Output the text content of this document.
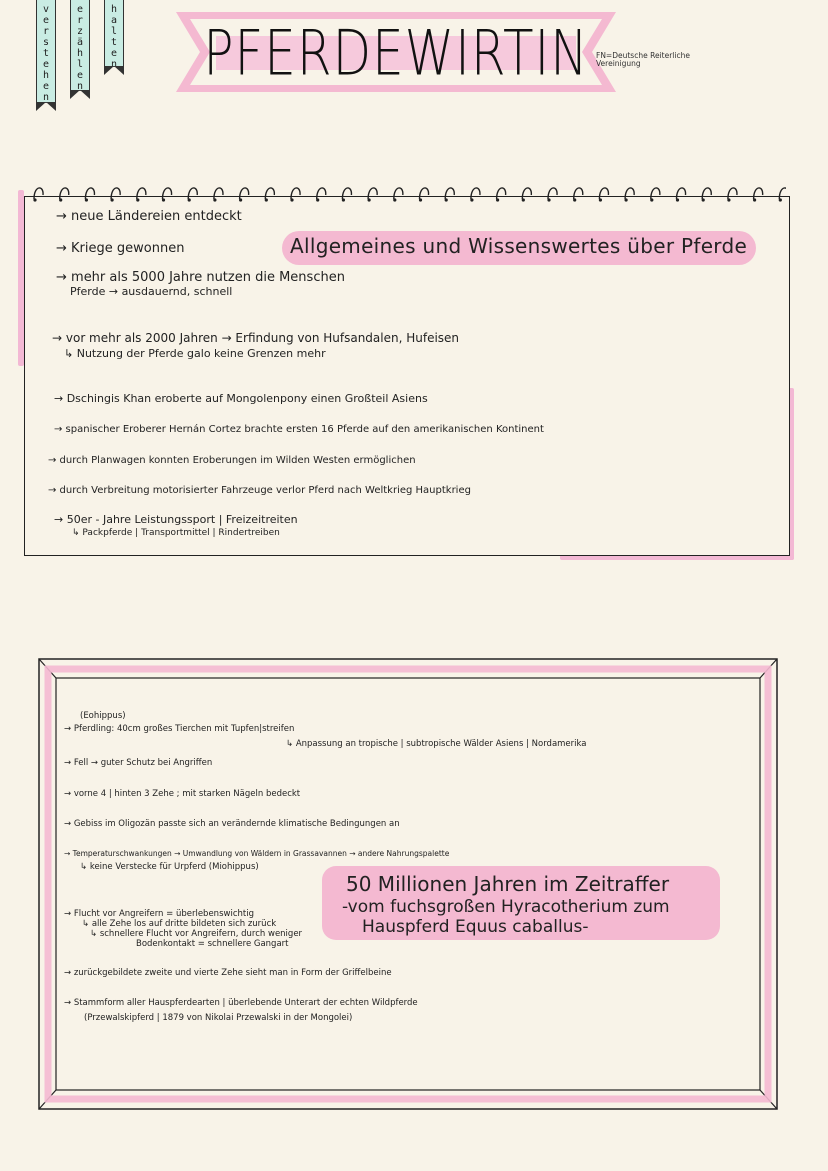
v
e
r
s
t
e
h
e
n
e
r
z
ä
h
l
e
n
h
a
l
t
e
n	PFERDEWIRTIN FN=Deutsche Reiterliche Vereinigung
Allgemeines und Wissenswertes über Pferde
→ neue Ländereien entdeckt
→ Kriege gewonnen
→ mehr als 5000 Jahre nutzen die Menschen
Pferde → ausdauernd, schnell
→ vor mehr als 2000 Jahren → Erfindung von Hufsandalen, Hufeisen
↳ Nutzung der Pferde galo keine Grenzen mehr
→ Dschingis Khan eroberte auf Mongolenpony einen Großteil Asiens
→ spanischer Eroberer Hernán Cortez brachte ersten 16 Pferde auf den amerikanischen Kontinent
→ durch Planwagen konnten Eroberungen im Wilden Westen ermöglichen
→ durch Verbreitung motorisierter Fahrzeuge verlor Pferd nach Weltkrieg Hauptkrieg
→ 50er - Jahre Leistungssport | Freizeitreiten
↳ Packpferde | Transportmittel | Rindertreiben
50 Millionen Jahren im Zeitraffer
-vom fuchsgroßen Hyracotherium zum
Hauspferd Equus caballus-
(Eohippus)
→ Pferdling: 40cm großes Tierchen mit Tupfen|streifen
↳ Anpassung an tropische | subtropische Wälder Asiens | Nordamerika
→ Fell → guter Schutz bei Angriffen
→ vorne 4 | hinten 3 Zehe ; mit starken Nägeln bedeckt
→ Gebiss im Oligozän passte sich an verändernde klimatische Bedingungen an
→ Temperaturschwankungen → Umwandlung von Wäldern in Grassavannen → andere Nahrungspalette
↳ keine Verstecke für Urpferd (Miohippus)
→ Flucht vor Angreifern = überlebenswichtig
↳ alle Zehe los auf dritte bildeten sich zurück
↳ schnellere Flucht vor Angreifern, durch weniger
Bodenkontakt = schnellere Gangart
→ zurückgebildete zweite und vierte Zehe sieht man in Form der Griffelbeine
→ Stammform aller Hauspferdearten | überlebende Unterart der echten Wildpferde
(Przewalskipferd | 1879 von Nikolai Przewalski in der Mongolei)
